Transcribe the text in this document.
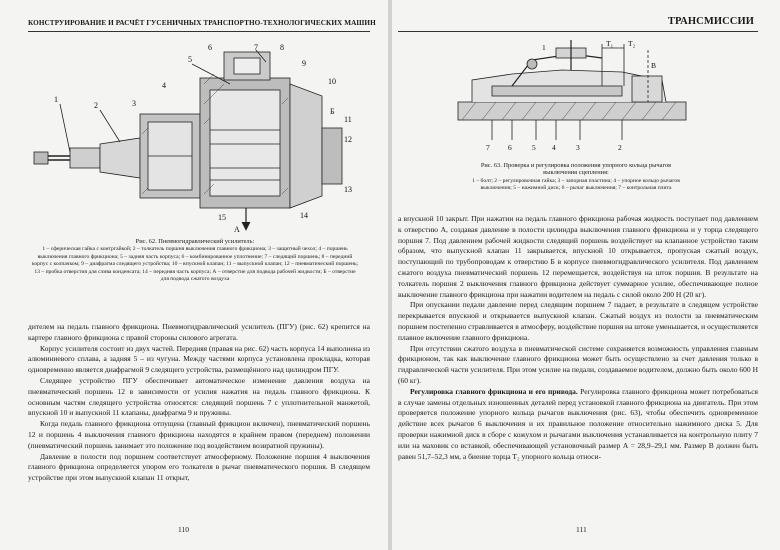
КОНСТРУИРОВАНИЕ И РАСЧЁТ ГУСЕНИЧНЫХ ТРАНСПОРТНО-ТЕХНОЛОГИЧЕСКИХ МАШИН
1
2	3
4
5
6	7	8
9
10
11
12
13
14
15
A
Б
Рис. 62. Пневмогидравлический усилитель:
1 – сферическая гайка с контргайкой; 2 – толкатель поршня выключения главного фрикциона; 3 – защитный чехол; 4 – поршень выключения главного фрикциона; 5 – задняя часть корпуса; 6 – комбинированное уплотнение; 7 – следящий поршень; 8 – передний корпус с колпачком; 9 – диафрагма следящего устройства; 10 – впускной клапан; 11 – выпускной клапан; 12 – пневматический поршень; 13 – пробка отверстия для слива конденсата; 14 – передняя часть корпуса; А – отверстие для подвода рабочей жидкости; Б – отверстие для подвода сжатого воздуха

дителем на педаль главного фрикциона. Пневмогидравлический усилитель (ПГУ) (рис. 62) крепится на картере главного фрикциона с правой стороны силового агрегата.

Корпус усилителя состоит из двух частей. Передняя (правая на рис. 62) часть корпуса 14 выполнена из алюминиевого сплава, а задняя 5 – из чугуна. Между частями корпуса установлена прокладка, которая одновременно является диафрагмой 9 следящего устройства, размещённого над цилиндром ПГУ.

Следящее устройство ПГУ обеспечивает автоматическое изменение давления воздуха на пневматический поршень 12 в зависимости от усилия нажатия на педаль главного фрикциона. К основным частям следящего устройства относятся: следящий поршень 7 с уплотнительной манжетой, впускной 10 и выпускной 11 клапаны, диафрагма 9 и пружины.

Когда педаль главного фрикциона отпущена (главный фрикцион включен), пневматический поршень 12 и поршень 4 выключения главного фрикциона находятся в крайнем правом (переднем) положении (пневматический поршень занимает это положение под воздействием возвратной пружины).

Давление в полости под поршнем соответствует атмосферному. Положение поршня 4 выключения главного фрикциона определяется упором его толкателя в рычаг пневматического поршня. В следящем устройстве при этом выпускной клапан 11 открыт,

110
ТРАНСМИССИИ
7 6	5 4	3	2
1
В
Т₁ Т₂
Рис. 63. Проверка и регулировка положения упорного кольца рычагов выключения сцепления:
1 – болт; 2 – регулировочная гайка; 3 – запорная пластина; 4 – упорное кольцо рычагов выключения; 5 – нажимной диск; 6 – рычаг выключения; 7 – контрольная плита

а впускной 10 закрыт. При нажатии на педаль главного фрикциона рабочая жидкость поступает под давлением к отверстию А, создавая давление в полости цилиндра выключения главного фрикциона и у торца следящего поршня 7. Под давлением рабочей жидкости следящий поршень воздействует на клапанное устройство таким образом, что выпускной клапан 11 закрывается, впускной 10 открывается, пропуская сжатый воздух, поступающий по трубопроводам к отверстию Б в корпусе пневмогидравлического усилителя. Под давлением сжатого воздуха пневматический поршень 12 перемещается, воздействуя на шток поршня. В результате на толкатель поршня 2 выключения главного фрикциона действует суммарное усилие, обеспечивающее полное выключение главного фрикциона при нажатии водителем на педаль с силой около 200 Н (20 кг).

При опускании педали давление перед следящим поршнем 7 падает, в результате в следящем устройстве перекрывается впускной и открывается выпускной клапан. Сжатый воздух из полости за пневматическим поршнем постепенно стравливается в атмосферу, воздействие поршня на штоке уменьшается, и осуществляется плавное включение главного фрикциона.

При отсутствии сжатого воздуха в пневматической системе сохраняется возможность управления главным фрикционом, так как выключение главного фрикциона может быть осуществлено за счет давления только в гидравлической части усилителя. При этом усилие на педали, создаваемое водителем, должно быть около 600 Н (60 кг).

Регулировка главного фрикциона и его привода. Регулировка главного фрикциона может потребоваться в случае замены отдельных изношенных деталей перед установкой главного фрикциона на двигатель. При этом проверяется положение упорного кольца рычагов выключения (рис. 63), чтобы обеспечить одновременное действие всех рычагов 6 выключения и их правильное положение относительно нажимного диска 5. Для проверки нажимной диск в сборе с кожухом и рычагами выключения устанавливается на контрольную плиту 7 или на маховик со вставкой, обеспечивающей установочный размер А = 28,9–29,1 мм. Размер В должен быть равен 51,7–52,3 мм, а биение торца Т₂ упорного кольца относи-

111
